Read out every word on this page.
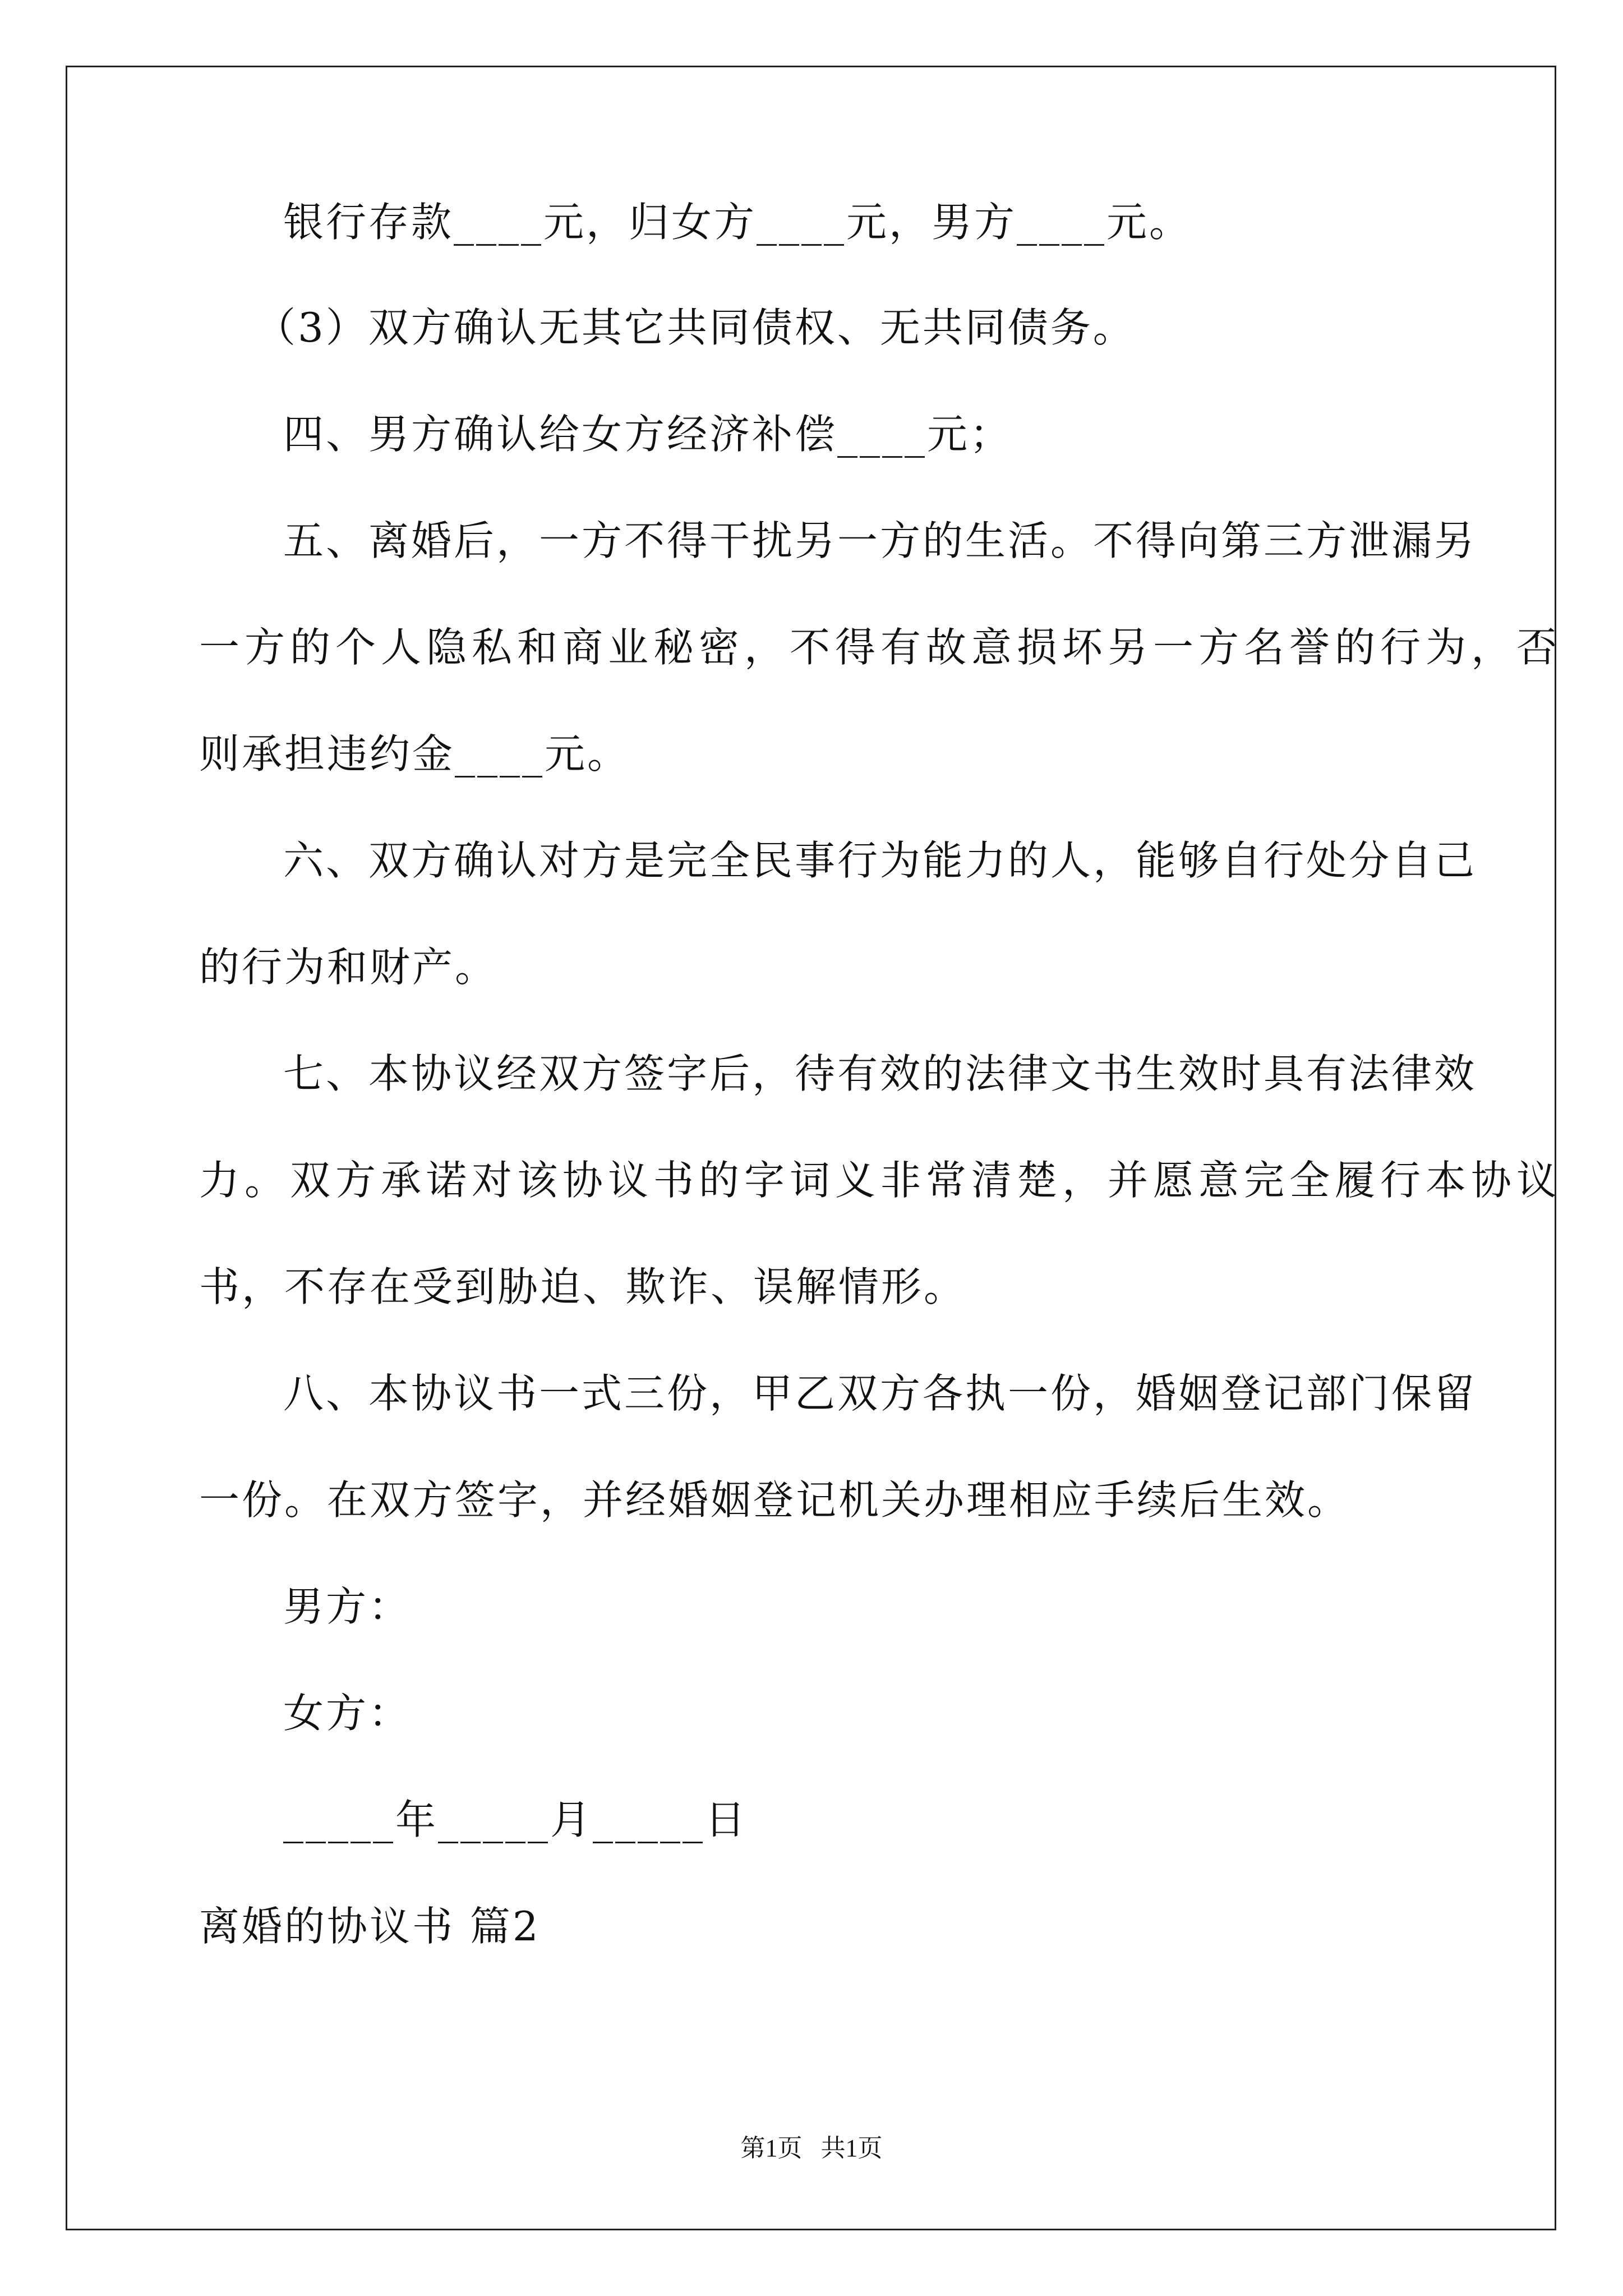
银行存款____元，归女方____元，男方____元。
（3）双方确认无其它共同债权、无共同债务。
四、男方确认给女方经济补偿____元；
五、离婚后，一方不得干扰另一方的生活。不得向第三方泄漏另
一方的个人隐私和商业秘密，不得有故意损坏另一方名誉的行为，否
则承担违约金____元。
六、双方确认对方是完全民事行为能力的人，能够自行处分自己
的行为和财产。
七、本协议经双方签字后，待有效的法律文书生效时具有法律效
力。双方承诺对该协议书的字词义非常清楚，并愿意完全履行本协议
书，不存在受到胁迫、欺诈、误解情形。
八、本协议书一式三份，甲乙双方各执一份，婚姻登记部门保留
一份。在双方签字，并经婚姻登记机关办理相应手续后生效。
男方：
女方：
_____年_____月_____日
离婚的协议书 篇2
第1页   共1页
